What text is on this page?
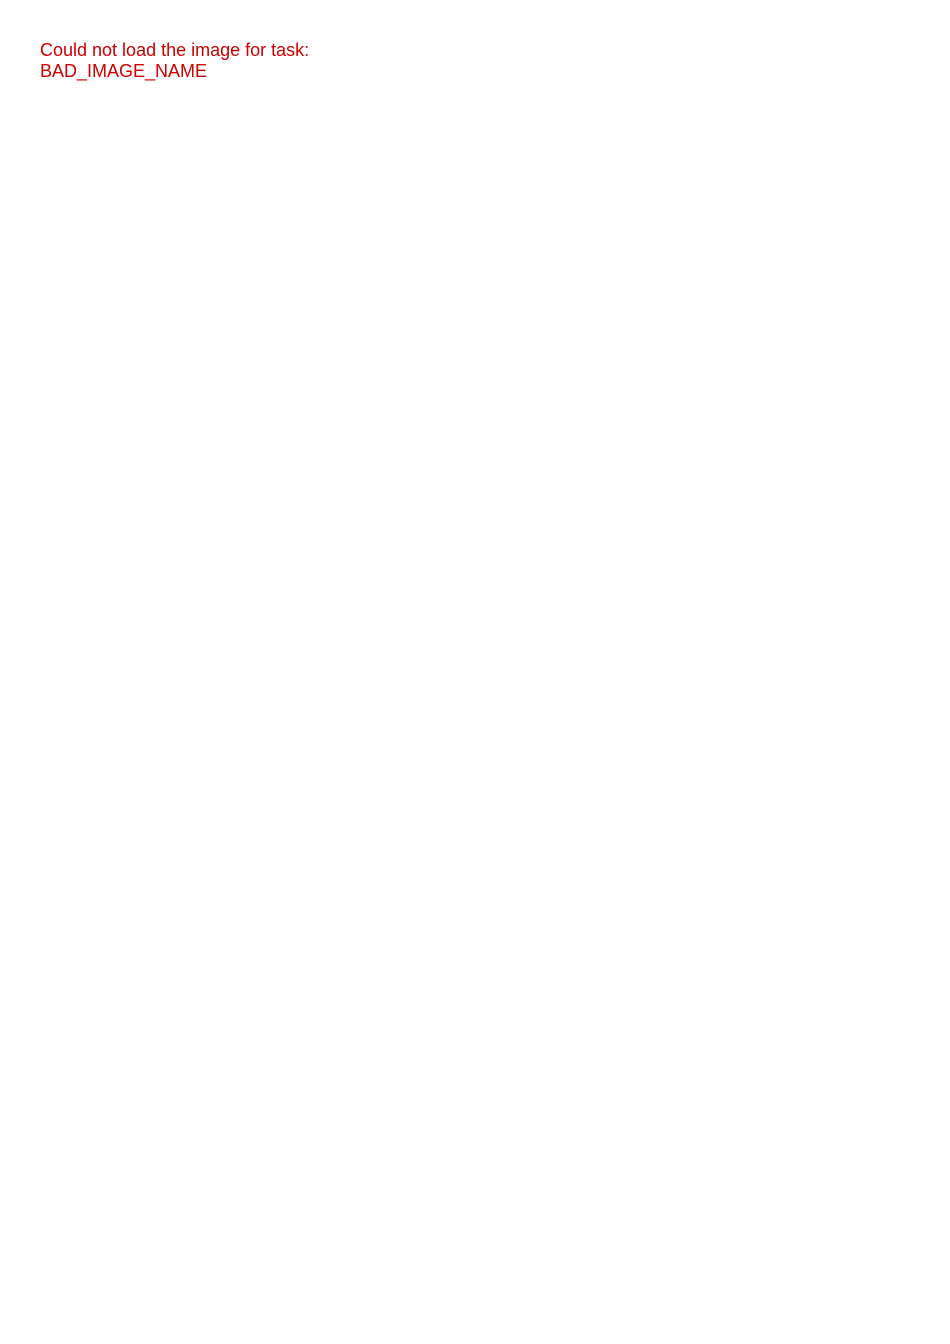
Could not load the image for task:
BAD_IMAGE_NAME
